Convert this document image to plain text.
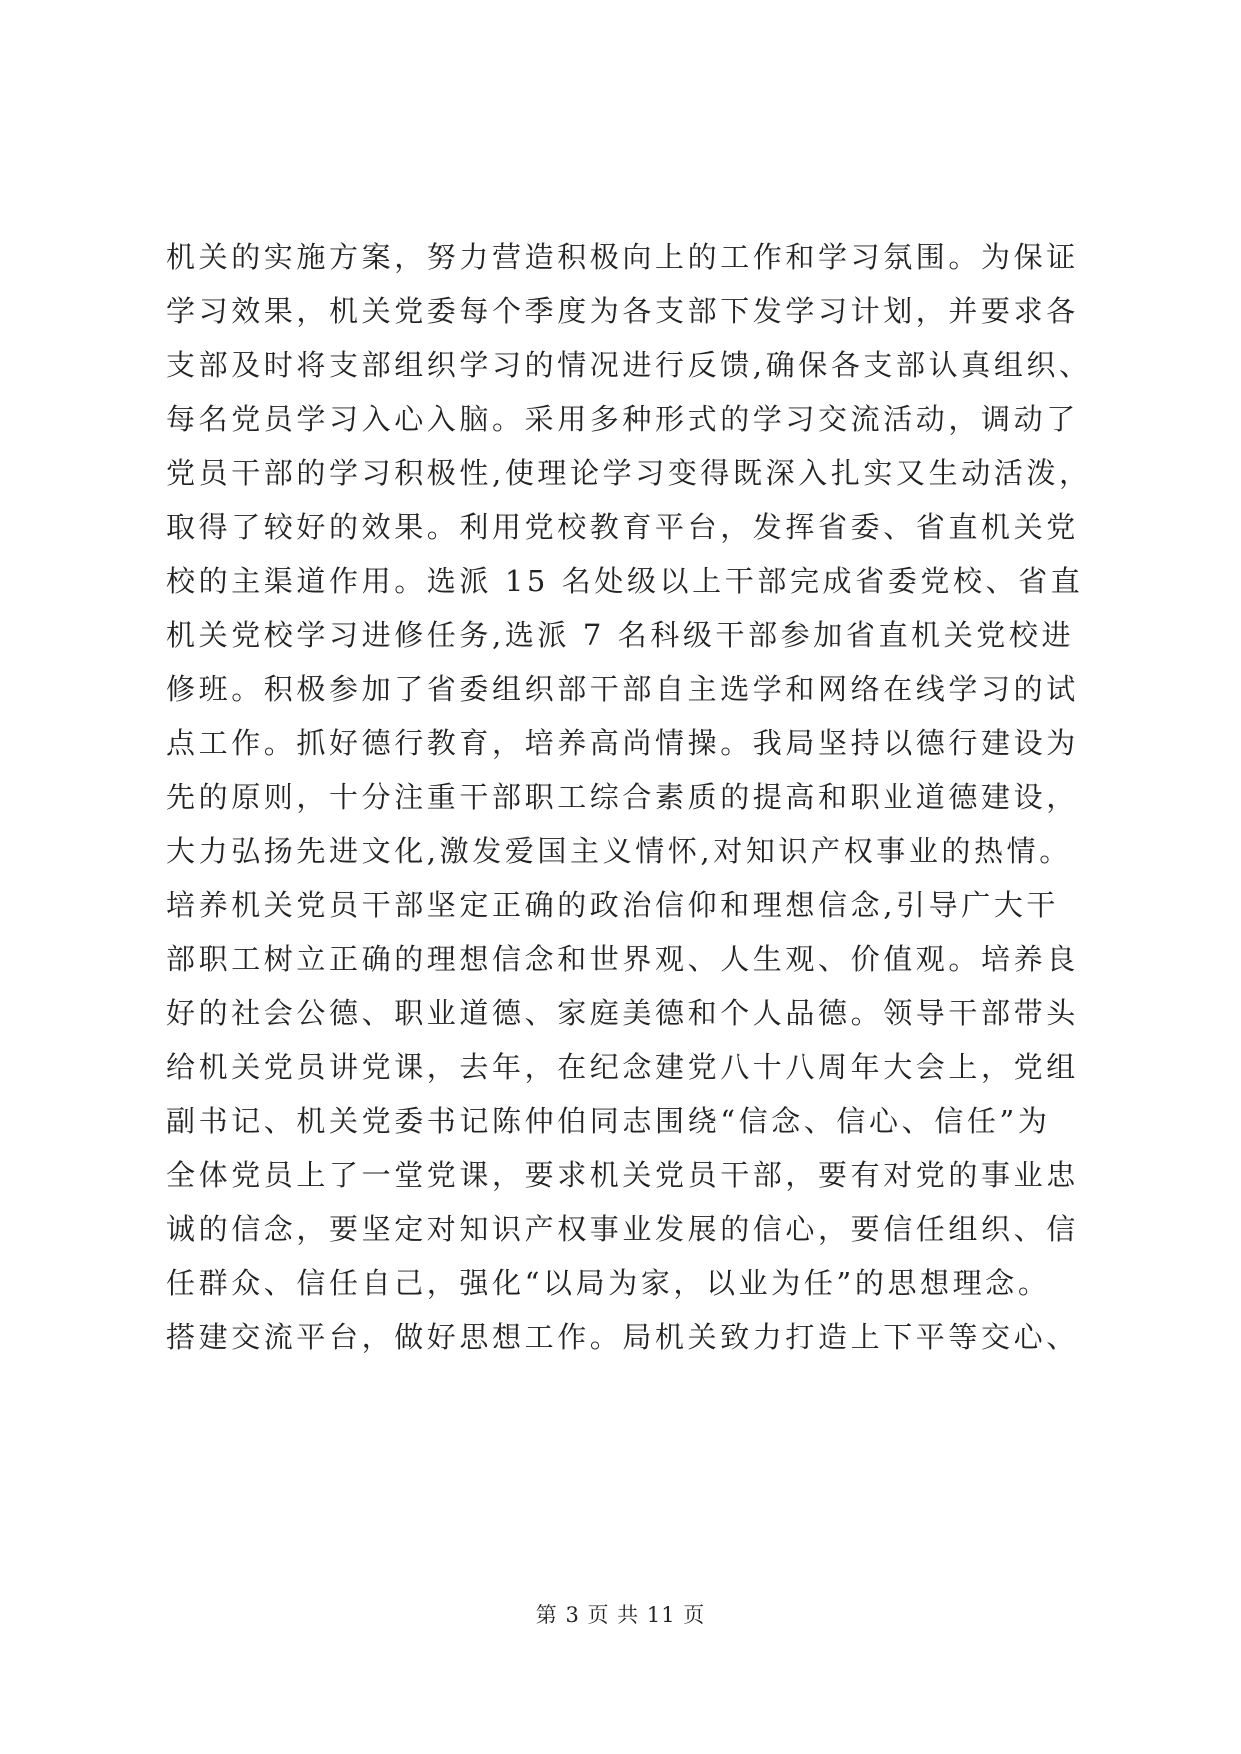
机关的实施方案，努力营造积极向上的工作和学习氛围。为保证
学习效果，机关党委每个季度为各支部下发学习计划，并要求各
支部及时将支部组织学习的情况进行反馈,确保各支部认真组织、
每名党员学习入心入脑。采用多种形式的学习交流活动，调动了
党员干部的学习积极性,使理论学习变得既深入扎实又生动活泼，
取得了较好的效果。利用党校教育平台，发挥省委、省直机关党
校的主渠道作用。选派 15 名处级以上干部完成省委党校、省直
机关党校学习进修任务,选派 7 名科级干部参加省直机关党校进
修班。积极参加了省委组织部干部自主选学和网络在线学习的试
点工作。抓好德行教育，培养高尚情操。我局坚持以德行建设为
先的原则，十分注重干部职工综合素质的提高和职业道德建设，
大力弘扬先进文化,激发爱国主义情怀,对知识产权事业的热情。
培养机关党员干部坚定正确的政治信仰和理想信念,引导广大干
部职工树立正确的理想信念和世界观、人生观、价值观。培养良
好的社会公德、职业道德、家庭美德和个人品德。领导干部带头
给机关党员讲党课，去年，在纪念建党八十八周年大会上，党组
副书记、机关党委书记陈仲伯同志围绕“信念、信心、信任”为
全体党员上了一堂党课，要求机关党员干部，要有对党的事业忠
诚的信念，要坚定对知识产权事业发展的信心，要信任组织、信
任群众、信任自己，强化“以局为家，以业为任”的思想理念。
搭建交流平台，做好思想工作。局机关致力打造上下平等交心、
第 3 页 共 11 页
